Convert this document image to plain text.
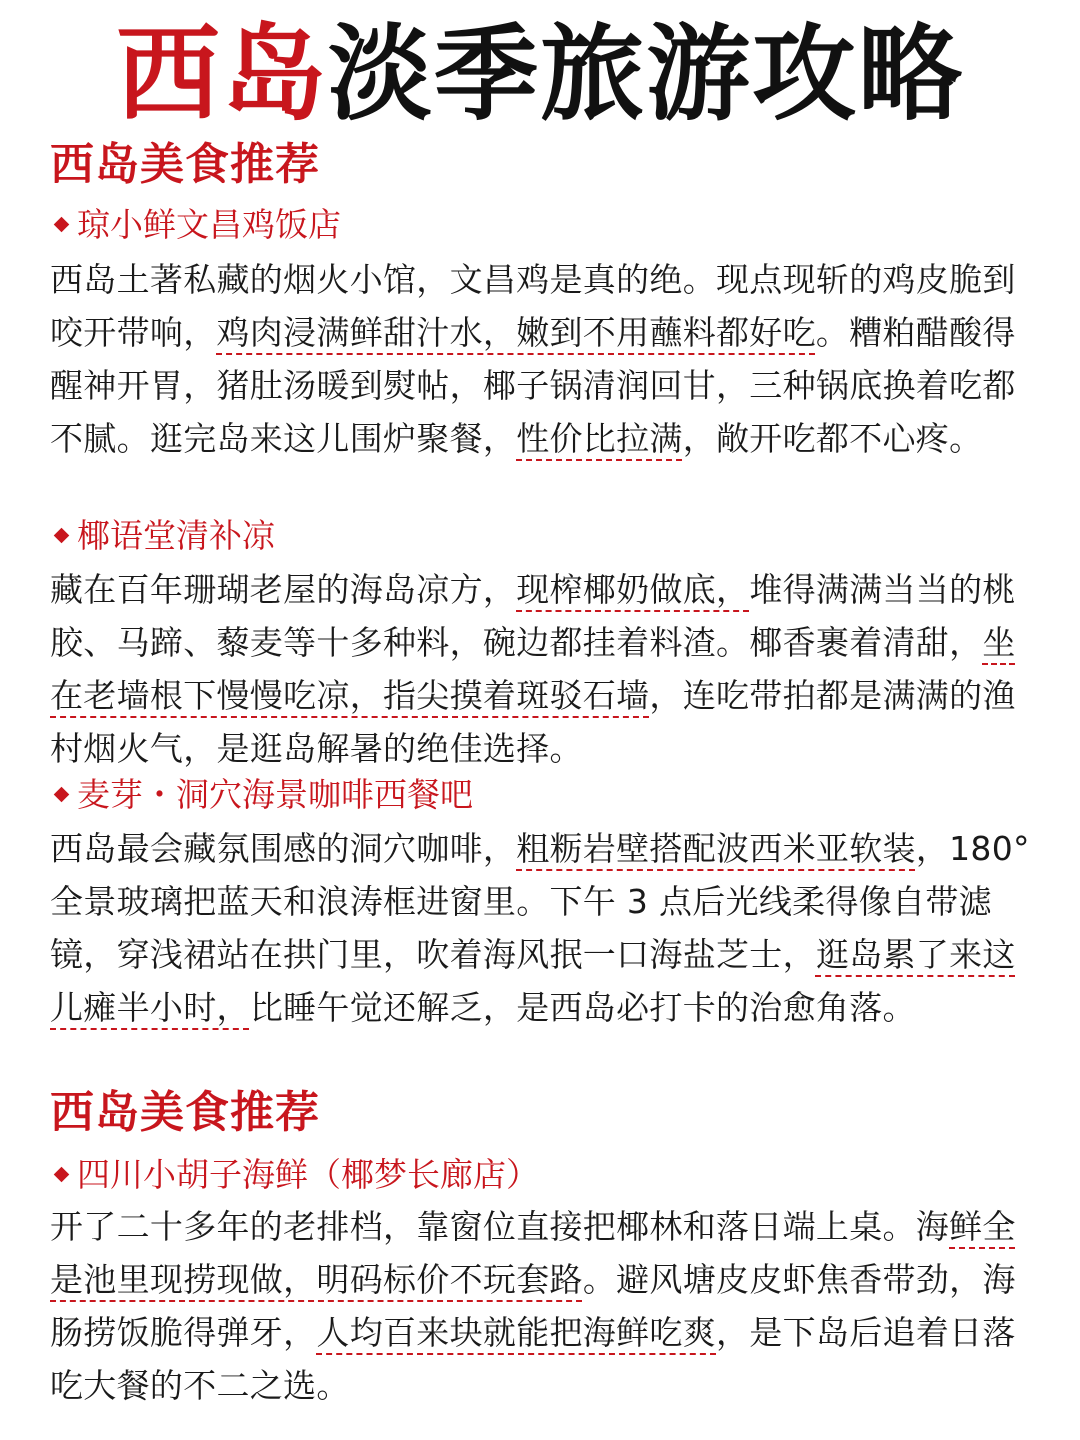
西岛淡季旅游攻略
西岛美食推荐
琼小鲜文昌鸡饭店

西岛土著私藏的烟火小馆，文昌鸡是真的绝。现点现斩的鸡皮脆到咬开带响，鸡肉浸满鲜甜汁水，嫩到不用蘸料都好吃。糟粕醋酸得醒神开胃，猪肚汤暖到熨帖，椰子锅清润回甘，三种锅底换着吃都不腻。逛完岛来这儿围炉聚餐，性价比拉满，敞开吃都不心疼。

椰语堂清补凉

藏在百年珊瑚老屋的海岛凉方，现榨椰奶做底，堆得满满当当的桃胶、马蹄、藜麦等十多种料，碗边都挂着料渣。椰香裹着清甜，坐在老墙根下慢慢吃凉，指尖摸着斑驳石墙，连吃带拍都是满满的渔村烟火气，是逛岛解暑的绝佳选择。

麦芽・洞穴海景咖啡西餐吧

西岛最会藏氛围感的洞穴咖啡，粗粝岩壁搭配波西米亚软装，180° 全景玻璃把蓝天和浪涛框进窗里。下午 3 点后光线柔得像自带滤镜，穿浅裙站在拱门里，吹着海风抿一口海盐芝士，逛岛累了来这儿瘫半小时，比睡午觉还解乏，是西岛必打卡的治愈角落。

西岛美食推荐
四川小胡子海鲜（椰梦长廊店）

开了二十多年的老排档，靠窗位直接把椰林和落日端上桌。海鲜全是池里现捞现做，明码标价不玩套路。避风塘皮皮虾焦香带劲，海肠捞饭脆得弹牙，人均百来块就能把海鲜吃爽，是下岛后追着日落吃大餐的不二之选。
